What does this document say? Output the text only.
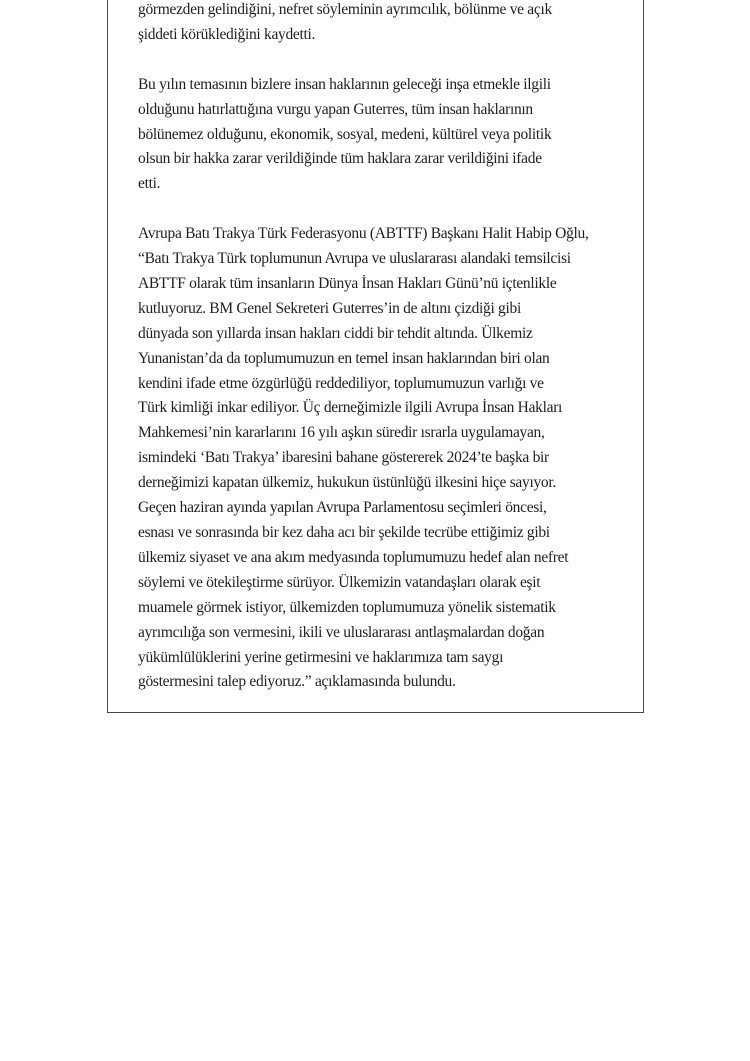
görmezden gelindiğini, nefret söyleminin ayrımcılık, bölünme ve açık
şiddeti körüklediğini kaydetti.

Bu yılın temasının bizlere insan haklarının geleceği inşa etmekle ilgili
olduğunu hatırlattığına vurgu yapan Guterres, tüm insan haklarının
bölünemez olduğunu, ekonomik, sosyal, medeni, kültürel veya politik
olsun bir hakka zarar verildiğinde tüm haklara zarar verildiğini ifade
etti.

Avrupa Batı Trakya Türk Federasyonu (ABTTF) Başkanı Halit Habip Oğlu,
“Batı Trakya Türk toplumunun Avrupa ve uluslararası alandaki temsilcisi
ABTTF olarak tüm insanların Dünya İnsan Hakları Günü’nü içtenlikle
kutluyoruz. BM Genel Sekreteri Guterres’in de altını çizdiği gibi
dünyada son yıllarda insan hakları ciddi bir tehdit altında. Ülkemiz
Yunanistan’da da toplumumuzun en temel insan haklarından biri olan
kendini ifade etme özgürlüğü reddediliyor, toplumumuzun varlığı ve
Türk kimliği inkar ediliyor. Üç derneğimizle ilgili Avrupa İnsan Hakları
Mahkemesi’nin kararlarını 16 yılı aşkın süredir ısrarla uygulamayan,
ismindeki ‘Batı Trakya’ ibaresini bahane göstererek 2024’te başka bir
derneğimizi kapatan ülkemiz, hukukun üstünlüğü ilkesini hiçe sayıyor.
Geçen haziran ayında yapılan Avrupa Parlamentosu seçimleri öncesi,
esnası ve sonrasında bir kez daha acı bir şekilde tecrübe ettiğimiz gibi
ülkemiz siyaset ve ana akım medyasında toplumumuzu hedef alan nefret
söylemi ve ötekileştirme sürüyor. Ülkemizin vatandaşları olarak eşit
muamele görmek istiyor, ülkemizden toplumumuza yönelik sistematik
ayrımcılığa son vermesini, ikili ve uluslararası antlaşmalardan doğan
yükümlülüklerini yerine getirmesini ve haklarımıza tam saygı
göstermesini talep ediyoruz.” açıklamasında bulundu.
